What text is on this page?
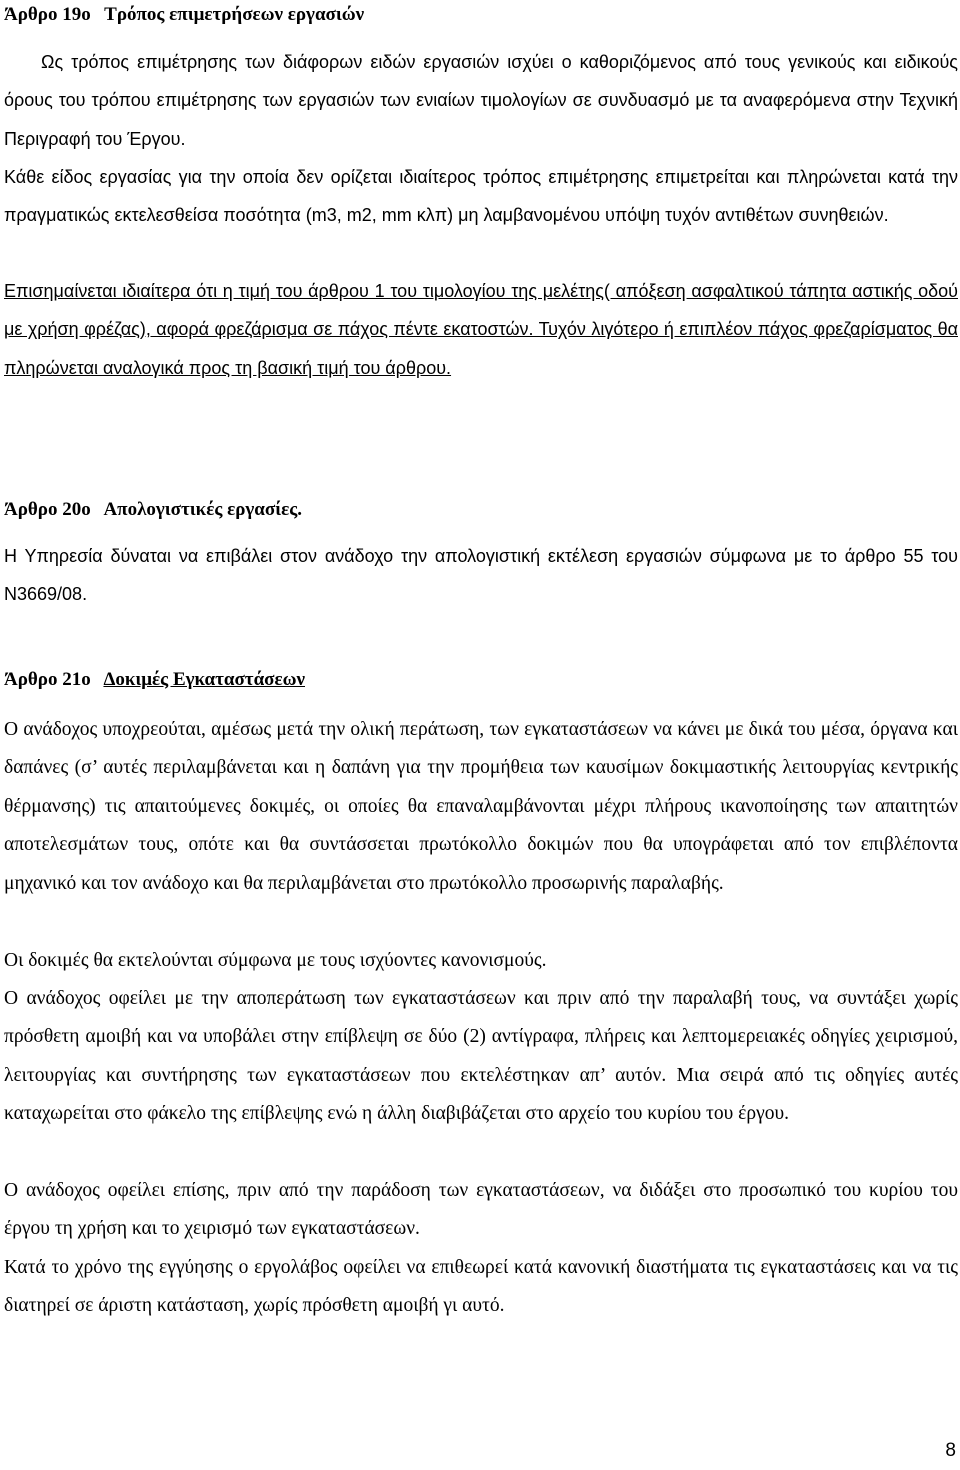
Άρθρο 19ο Τρόπος επιμετρήσεων εργασιών

Ως τρόπος επιμέτρησης των διάφορων ειδών εργασιών ισχύει ο καθοριζόμενος από τους γενικούς και ειδικούς όρους του τρόπου επιμέτρησης των εργασιών των ενιαίων τιμολογίων σε συνδυασμό με τα αναφερόμενα στην Τεχνική Περιγραφή του Έργου.

Κάθε είδος εργασίας για την οποία δεν ορίζεται ιδιαίτερος τρόπος επιμέτρησης επιμετρείται και πληρώνεται κατά την πραγματικώς εκτελεσθείσα ποσότητα (m3, m2, mm κλπ) μη λαμβανομένου υπόψη τυχόν αντιθέτων συνηθειών.

Επισημαίνεται ιδιαίτερα ότι η τιμή του άρθρου 1 του τιμολογίου της μελέτης( απόξεση ασφαλτικού τάπητα αστικής οδού με χρήση φρέζας), αφορά φρεζάρισμα σε πάχος πέντε εκατοστών. Τυχόν λιγότερο ή επιπλέον πάχος φρεζαρίσματος θα πληρώνεται αναλογικά προς τη βασική τιμή του άρθρου.

Άρθρο 20ο Απολογιστικές εργασίες.

Η Υπηρεσία δύναται να επιβάλει στον ανάδοχο την απολογιστική εκτέλεση εργασιών σύμφωνα με το άρθρο 55 του Ν3669/08.

Άρθρο 21ο Δοκιμές Εγκαταστάσεων

Ο ανάδοχος υποχρεούται, αμέσως μετά την ολική περάτωση, των εγκαταστάσεων να κάνει με δικά του μέσα, όργανα και δαπάνες (σ’ αυτές περιλαμβάνεται και η δαπάνη για την προμήθεια των καυσίμων δοκιμαστικής λειτουργίας κεντρικής θέρμανσης) τις απαιτούμενες δοκιμές, οι οποίες θα επαναλαμβάνονται μέχρι πλήρους ικανοποίησης των απαιτητών αποτελεσμάτων τους, οπότε και θα συντάσσεται πρωτόκολλο δοκιμών που θα υπογράφεται από τον επιβλέποντα μηχανικό και τον ανάδοχο και θα περιλαμβάνεται στο πρωτόκολλο προσωρινής παραλαβής.

Οι δοκιμές θα εκτελούνται σύμφωνα με τους ισχύοντες κανονισμούς.

Ο ανάδοχος οφείλει με την αποπεράτωση των εγκαταστάσεων και πριν από την παραλαβή τους, να συντάξει χωρίς πρόσθετη αμοιβή και να υποβάλει στην επίβλεψη σε δύο (2) αντίγραφα, πλήρεις και λεπτομερειακές οδηγίες χειρισμού, λειτουργίας και συντήρησης των εγκαταστάσεων που εκτελέστηκαν απ’ αυτόν. Μια σειρά από τις οδηγίες αυτές καταχωρείται στο φάκελο της επίβλεψης ενώ η άλλη διαβιβάζεται στο αρχείο του κυρίου του έργου.

Ο ανάδοχος οφείλει επίσης, πριν από την παράδοση των εγκαταστάσεων, να διδάξει στο προσωπικό του κυρίου του έργου τη χρήση και το χειρισμό των εγκαταστάσεων.

Κατά το χρόνο της εγγύησης ο εργολάβος οφείλει να επιθεωρεί κατά κανονική διαστήματα τις εγκαταστάσεις και να τις διατηρεί σε άριστη κατάσταση, χωρίς πρόσθετη αμοιβή γι αυτό.

8
